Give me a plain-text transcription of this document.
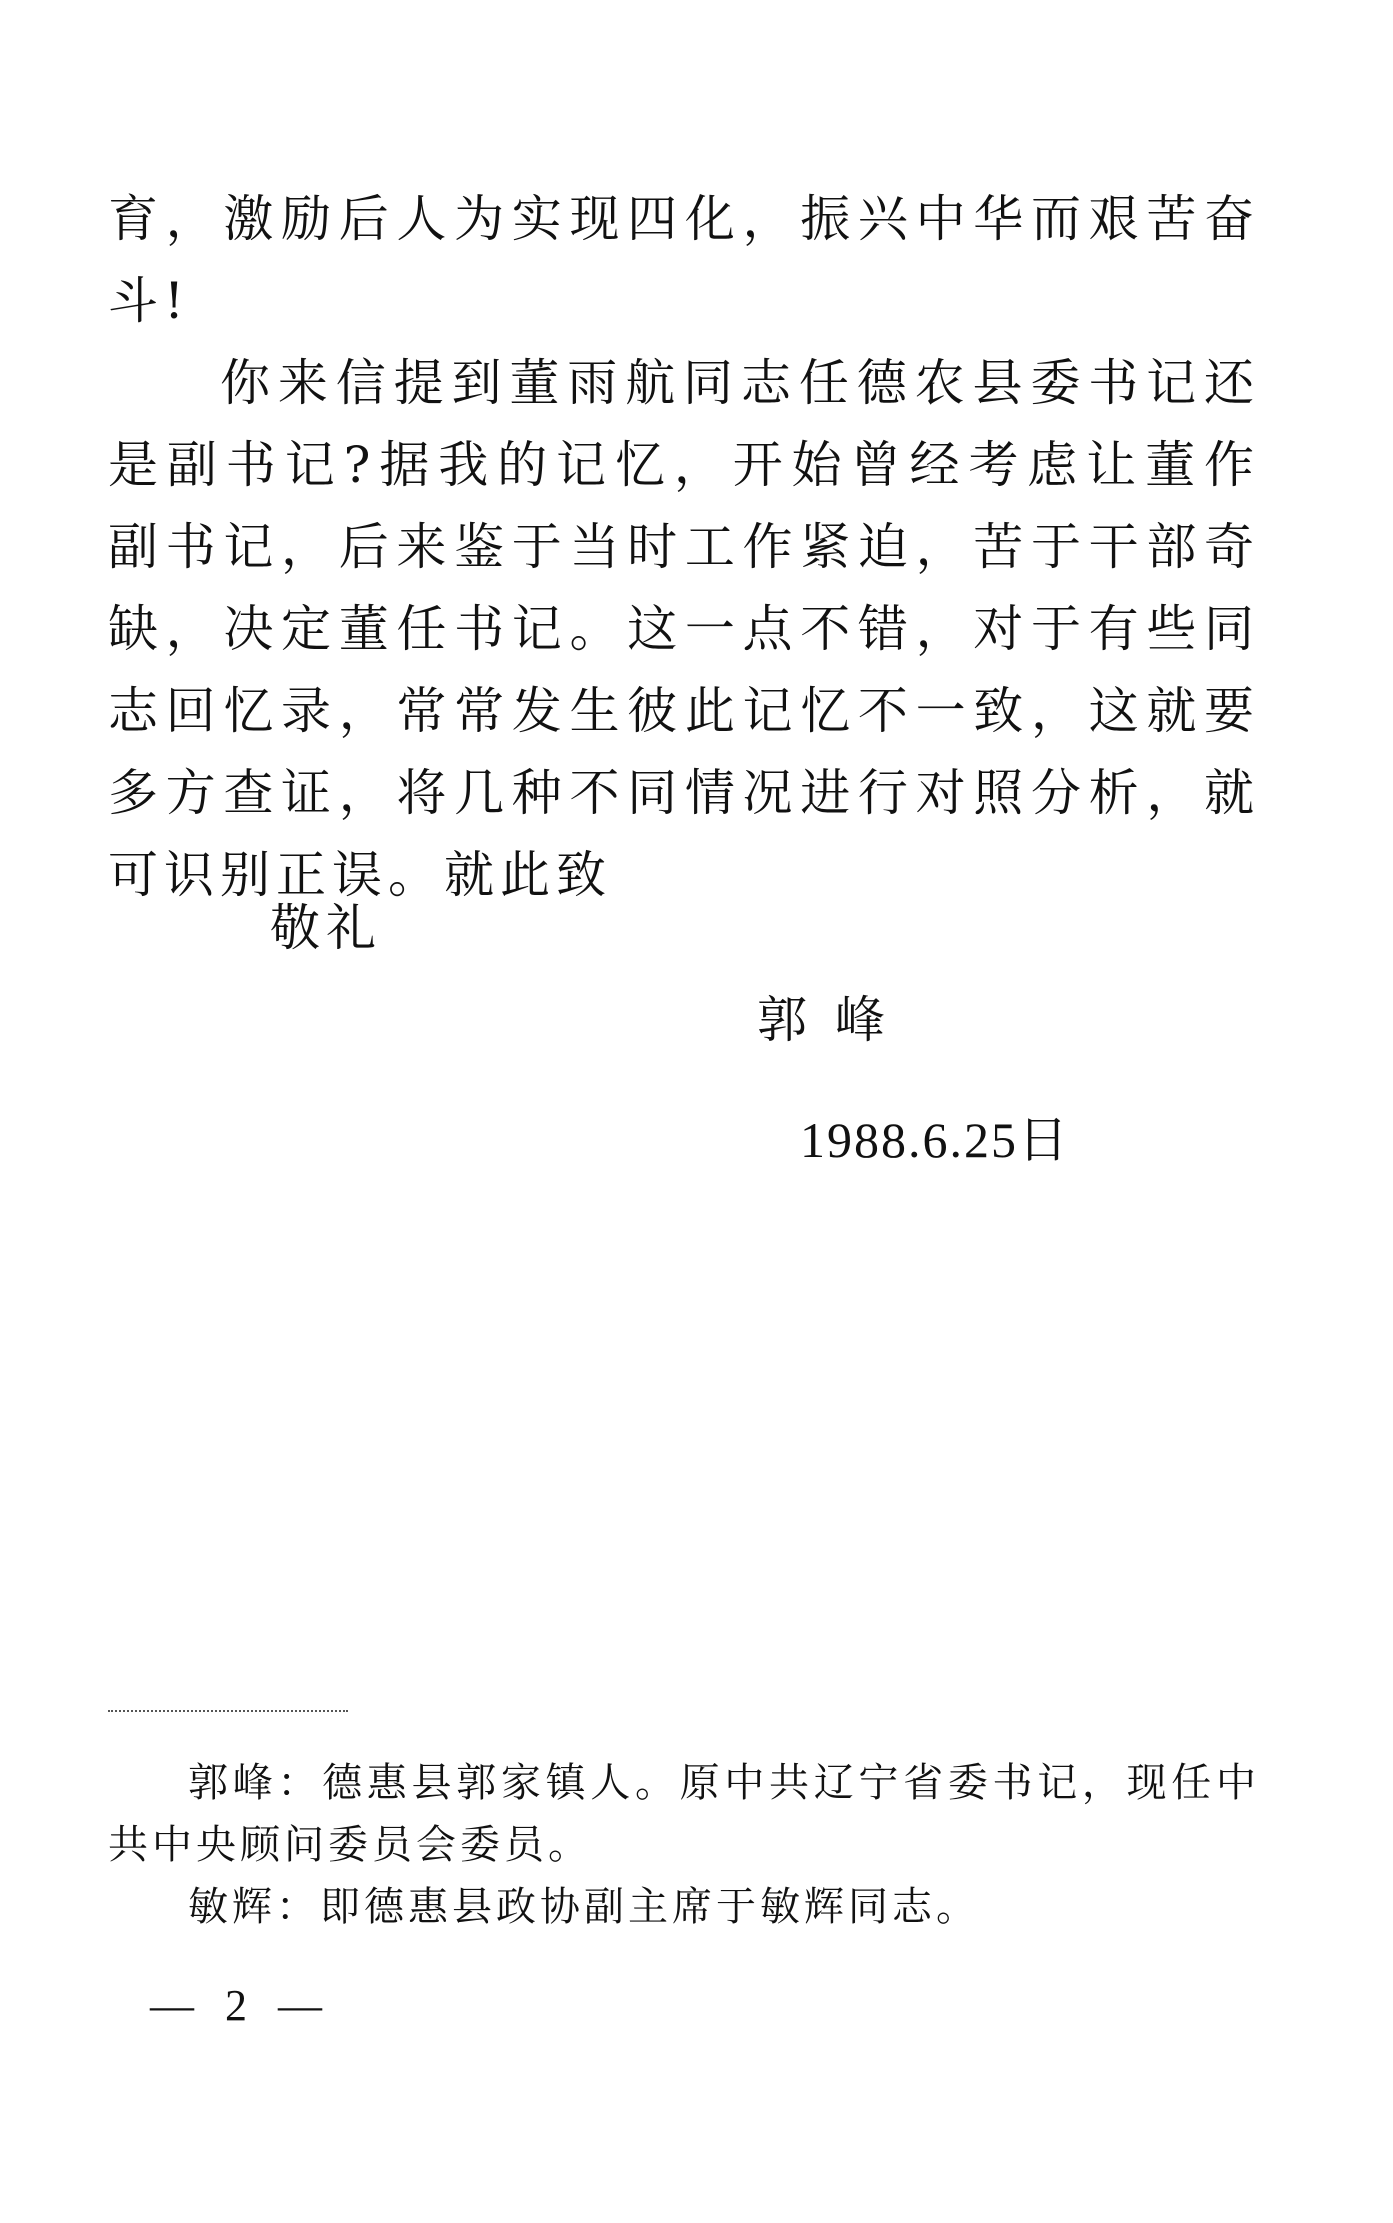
育，激励后人为实现四化，振兴中华而艰苦奋斗!

你来信提到董雨航同志任德农县委书记还是副书记?据我的记忆，开始曾经考虑让董作副书记，后来鉴于当时工作紧迫，苦于干部奇缺，决定董任书记。这一点不错，对于有些同志回忆录，常常发生彼此记忆不一致，这就要多方查证，将几种不同情况进行对照分析，就可识别正误。就此致

敬礼
郭 峰
1988.6.25日

郭峰：德惠县郭家镇人。原中共辽宁省委书记，现任中共中央顾问委员会委员。

敏辉：即德惠县政协副主席于敏辉同志。

— 2 —
